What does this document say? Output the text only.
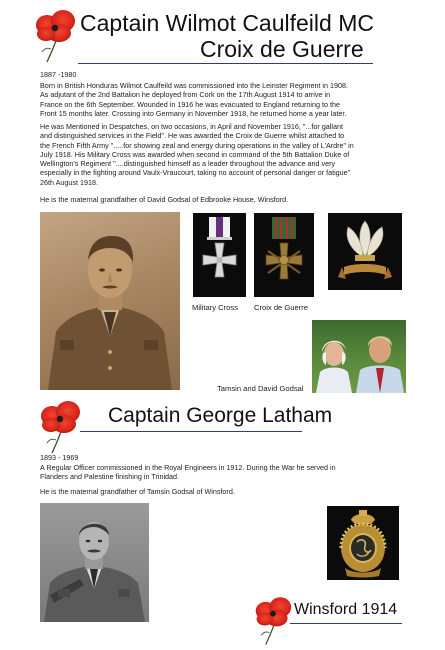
Captain Wilmot Caulfeild MC
Croix de Guerre
1887 -1980
Born in British Honduras Wilmot Caulfeild was commissioned into the Leinster Regiment in 1908.
As adjutant of the 2nd Battalion he deployed from Cork on the 17th August 1914 to arrive in
France on the 6th September. Wounded in 1916 he was evacuated to England returning to the
Front 15 months later. Crossing into Germany in November 1918, he returned home a year later.
He was Mentioned in Despatches, on two occasions, in April and November 1916, "...for gallant
and distinguished services in the Field". He was awarded the Croix de Guerre whilst attached to
the French Fifth Army ".....for showing zeal and energy during operations in the valley of L'Ardre" in
July 1918. His Military Cross was awarded when second in command of the 5th Battalion Duke of
Wellington's Regiment "....distinguished himself as a leader throughout the advance and very
especially in the fighting around Vaulx-Vraucourt, taking no account of personal danger or fatigue"
26th August 1918.
He is the maternal grandfather of David Godsal of Edbrooke House, Winsford.
Military Cross Croix de Guerre
Tamsin and David Godsal
Captain George Latham
1893 - 1969
A Regular Officer commissioned in the Royal Engineers in 1912. During the War he served in
Flanders and Palestine finishing in Trinidad.
He is the maternal grandfather of Tamsin Godsal of Winsford.
Winsford 1914
